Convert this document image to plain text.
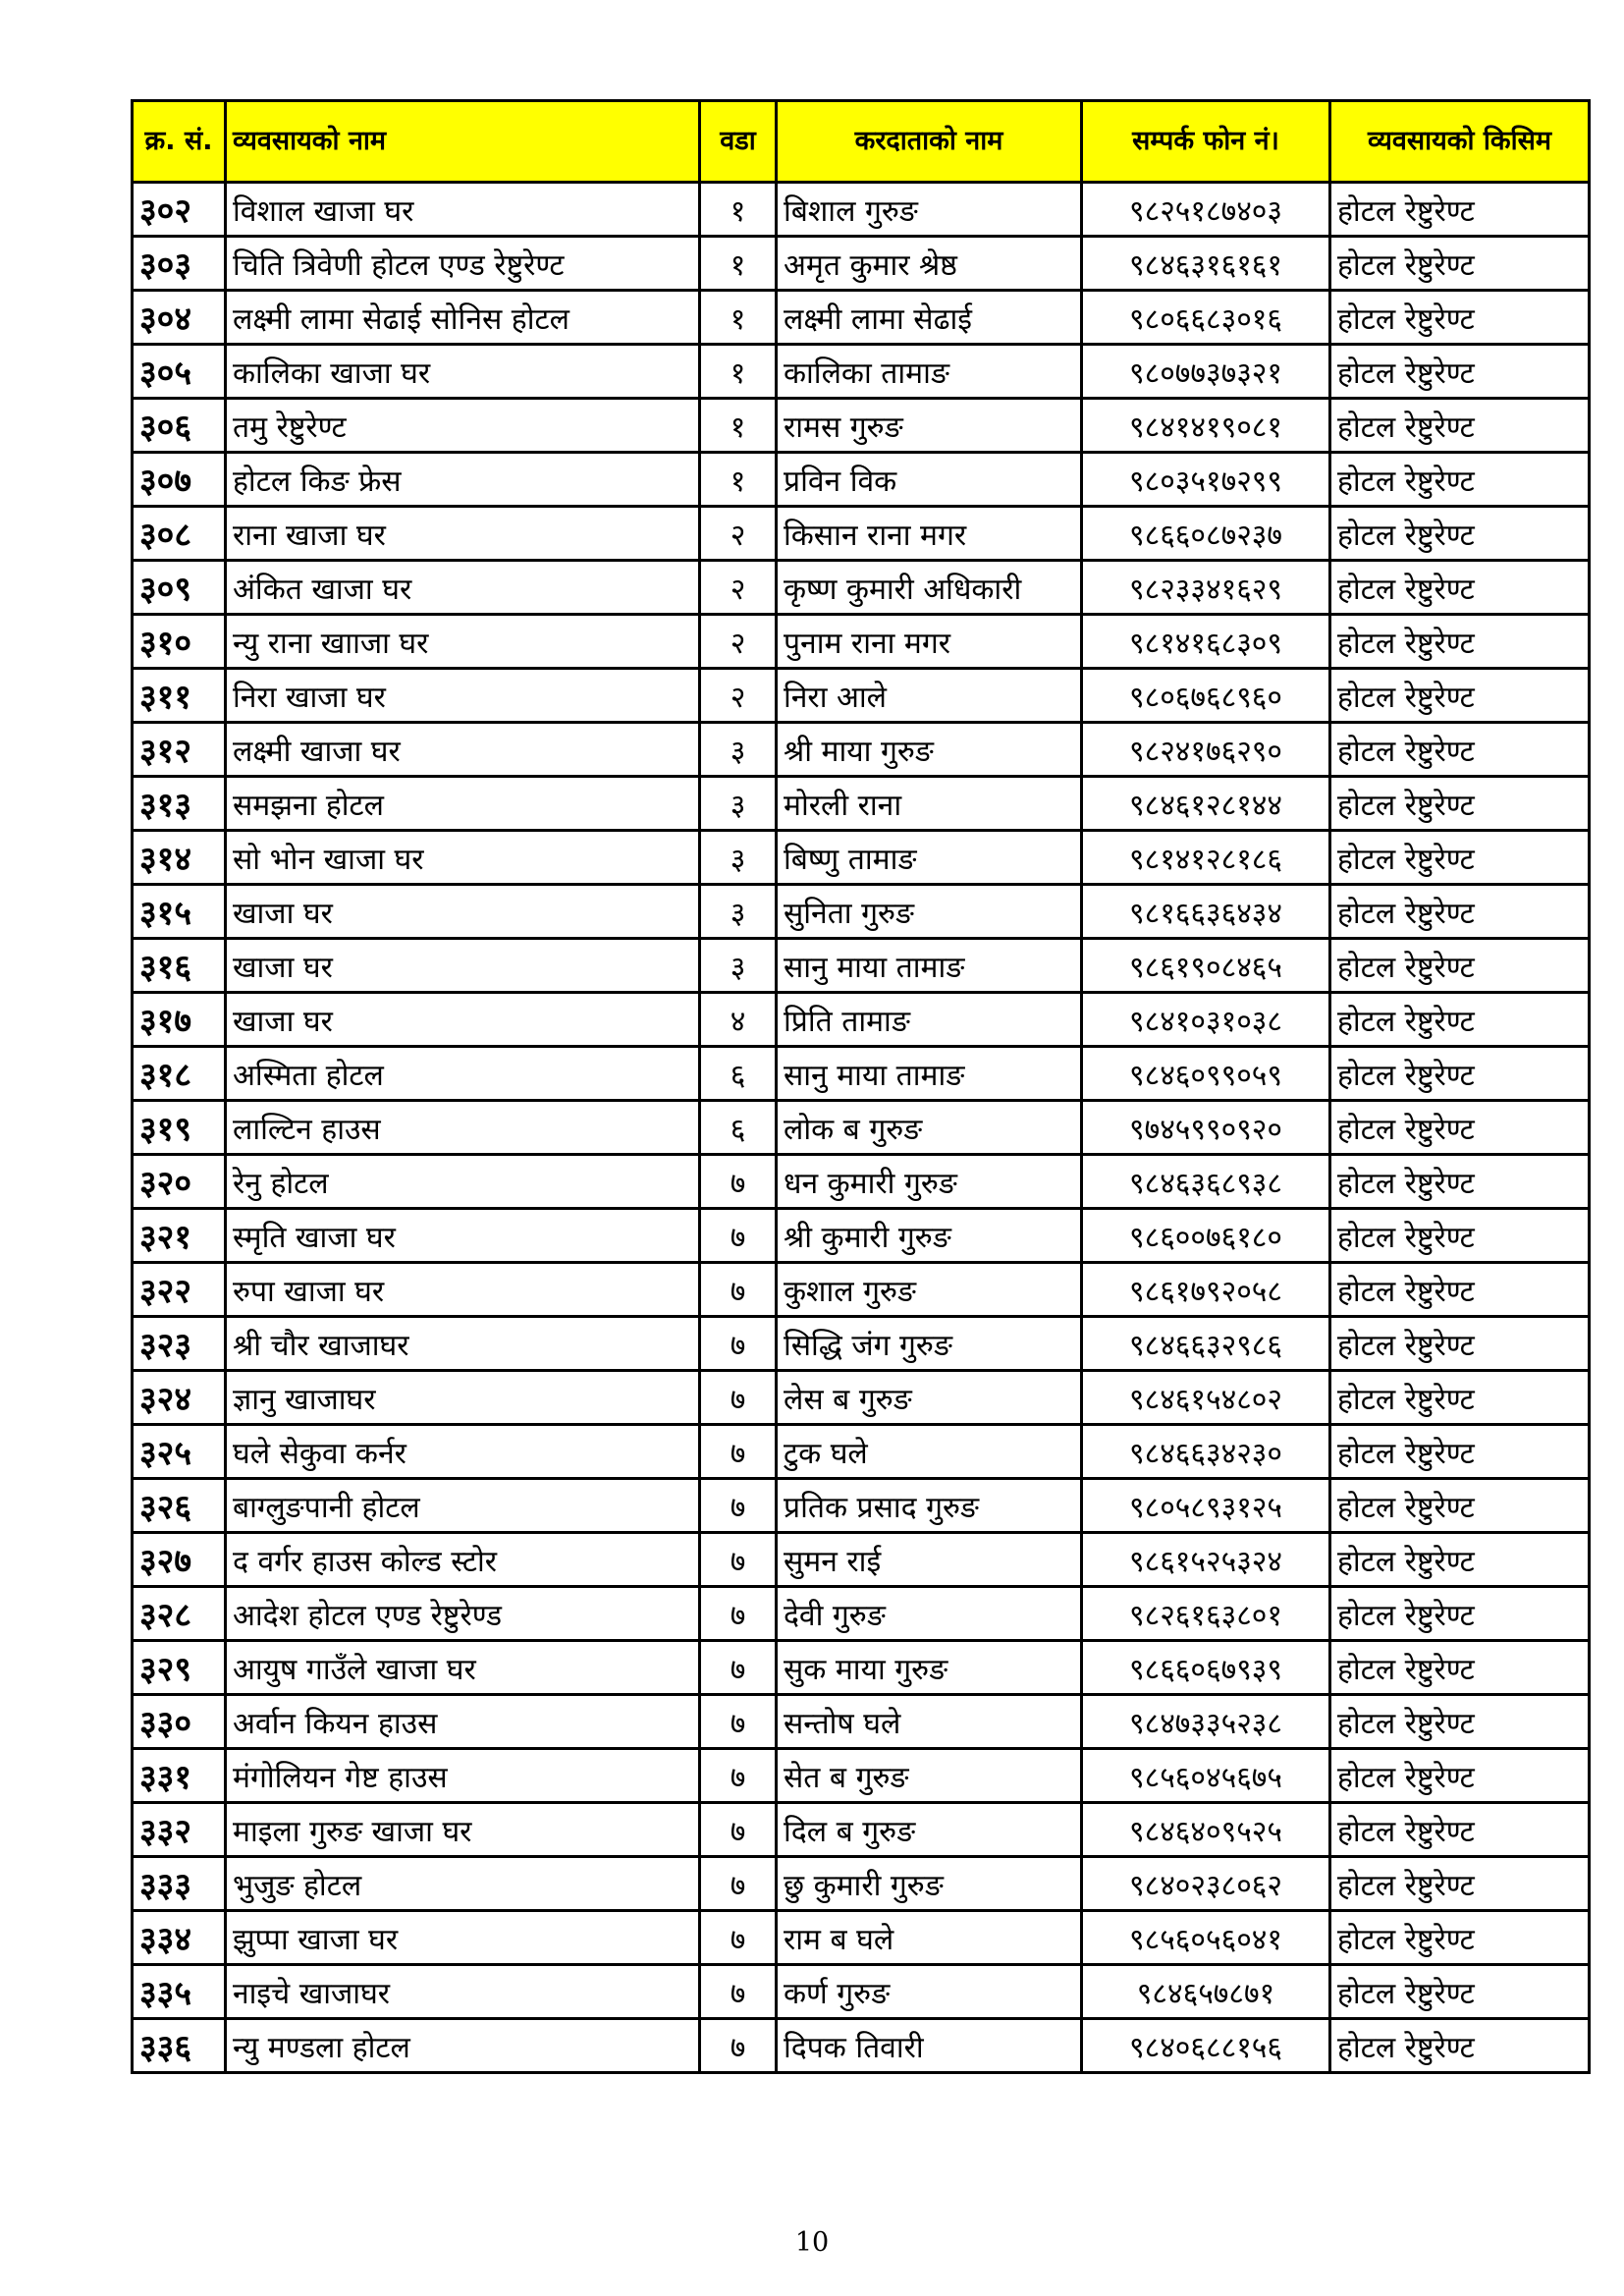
क्र. सं.	व्यवसायको नाम	वडा	करदाताको नाम	सम्पर्क फोन नं।	व्यवसायको किसिम
३०२	विशाल खाजा घर	१	बिशाल गुरुङ	९८२५१८७४०३	होटल रेष्टुरेण्ट
३०३	चिति त्रिवेणी होटल एण्ड रेष्टुरेण्ट	१	अमृत कुमार श्रेष्ठ	९८४६३१६१६१	होटल रेष्टुरेण्ट
३०४	लक्ष्मी लामा सेढाई सोनिस होटल	१	लक्ष्मी लामा सेढाई	९८०६६८३०१६	होटल रेष्टुरेण्ट
३०५	कालिका खाजा घर	१	कालिका तामाङ	९८०७७३७३२१	होटल रेष्टुरेण्ट
३०६	तमु रेष्टुरेण्ट	१	रामस गुरुङ	९८४१४१९०८१	होटल रेष्टुरेण्ट
३०७	होटल किङ फ्रेस	१	प्रविन विक	९८०३५१७२९९	होटल रेष्टुरेण्ट
३०८	राना खाजा घर	२	किसान राना मगर	९८६६०८७२३७	होटल रेष्टुरेण्ट
३०९	अंकित खाजा घर	२	कृष्ण कुमारी अधिकारी	९८२३३४१६२९	होटल रेष्टुरेण्ट
३१०	न्यु राना खााजा घर	२	पुनाम राना मगर	९८१४१६८३०९	होटल रेष्टुरेण्ट
३११	निरा खाजा घर	२	निरा आले	९८०६७६८९६०	होटल रेष्टुरेण्ट
३१२	लक्ष्मी खाजा घर	३	श्री माया गुरुङ	९८२४१७६२९०	होटल रेष्टुरेण्ट
३१३	समझना होटल	३	मोरली राना	९८४६१२८१४४	होटल रेष्टुरेण्ट
३१४	सो भोन खाजा घर	३	बिष्णु तामाङ	९८१४१२८१८६	होटल रेष्टुरेण्ट
३१५	खाजा घर	३	सुनिता गुरुङ	९८१६६३६४३४	होटल रेष्टुरेण्ट
३१६	खाजा घर	३	सानु माया तामाङ	९८६१९०८४६५	होटल रेष्टुरेण्ट
३१७	खाजा घर	४	प्रिति तामाङ	९८४१०३१०३८	होटल रेष्टुरेण्ट
३१८	अस्मिता होटल	६	सानु माया तामाङ	९८४६०९९०५९	होटल रेष्टुरेण्ट
३१९	लाल्टिन हाउस	६	लोक ब गुरुङ	९७४५९९०९२०	होटल रेष्टुरेण्ट
३२०	रेनु होटल	७	धन कुमारी गुरुङ	९८४६३६८९३८	होटल रेष्टुरेण्ट
३२१	स्मृति खाजा घर	७	श्री कुमारी गुरुङ	९८६००७६१८०	होटल रेष्टुरेण्ट
३२२	रुपा खाजा घर	७	कुशाल गुरुङ	९८६१७९२०५८	होटल रेष्टुरेण्ट
३२३	श्री चौर खाजाघर	७	सिद्धि जंग गुरुङ	९८४६६३२९८६	होटल रेष्टुरेण्ट
३२४	ज्ञानु खाजाघर	७	लेस ब गुरुङ	९८४६१५४८०२	होटल रेष्टुरेण्ट
३२५	घले सेकुवा कर्नर	७	टुक घले	९८४६६३४२३०	होटल रेष्टुरेण्ट
३२६	बाग्लुङपानी होटल	७	प्रतिक प्रसाद गुरुङ	९८०५८९३१२५	होटल रेष्टुरेण्ट
३२७	द वर्गर हाउस कोल्ड स्टोर	७	सुमन राई	९८६१५२५३२४	होटल रेष्टुरेण्ट
३२८	आदेश होटल एण्ड रेष्टुरेण्ड	७	देवी गुरुङ	९८२६१६३८०१	होटल रेष्टुरेण्ट
३२९	आयुष गाउँले खाजा घर	७	सुक माया गुरुङ	९८६६०६७९३९	होटल रेष्टुरेण्ट
३३०	अर्वान कियन हाउस	७	सन्तोष घले	९८४७३३५२३८	होटल रेष्टुरेण्ट
३३१	मंगोलियन गेष्ट हाउस	७	सेत ब गुरुङ	९८५६०४५६७५	होटल रेष्टुरेण्ट
३३२	माइला गुरुङ खाजा घर	७	दिल ब गुरुङ	९८४६४०९५२५	होटल रेष्टुरेण्ट
३३३	भुजुङ होटल	७	छु कुमारी गुरुङ	९८४०२३८०६२	होटल रेष्टुरेण्ट
३३४	झुप्पा खाजा घर	७	राम ब घले	९८५६०५६०४१	होटल रेष्टुरेण्ट
३३५	नाइचे खाजाघर	७	कर्ण गुरुङ	९८४६५७८७१	होटल रेष्टुरेण्ट
३३६	न्यु मण्डला होटल	७	दिपक तिवारी	९८४०६८८१५६	होटल रेष्टुरेण्ट
10
